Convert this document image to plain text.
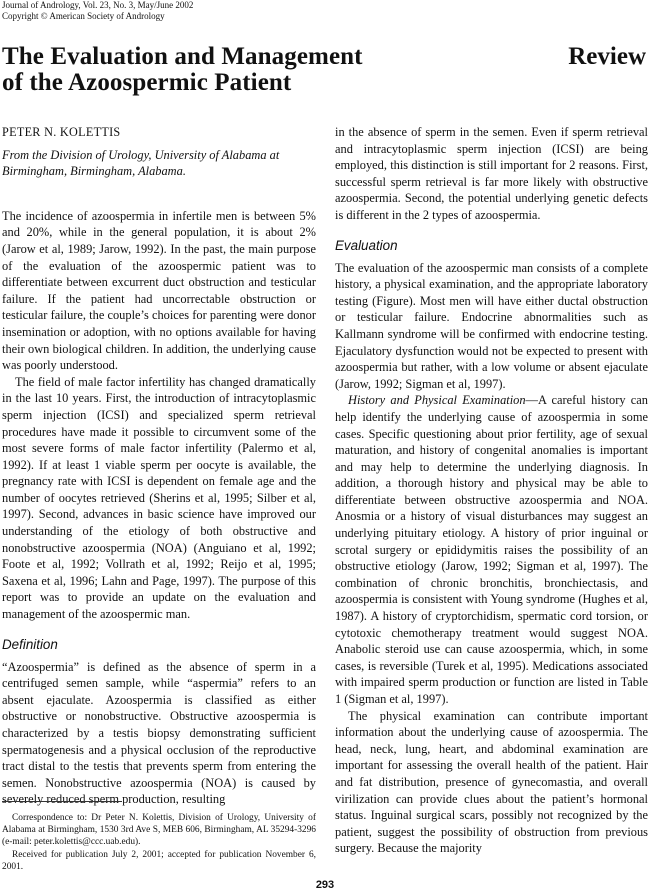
Journal of Andrology, Vol. 23, No. 3, May/June 2002
Copyright © American Society of Andrology
The Evaluation and Management
of the Azoospermic Patient
Review

PETER N. KOLETTIS

From the Division of Urology, University of Alabama at Birmingham, Birmingham, Alabama.

The incidence of azoospermia in infertile men is between 5% and 20%, while in the general population, it is about 2% (Jarow et al, 1989; Jarow, 1992). In the past, the main purpose of the evaluation of the azoospermic patient was to differentiate between excurrent duct obstruction and testicular failure. If the patient had uncorrectable obstruction or testicular failure, the couple’s choices for parenting were donor insemination or adoption, with no options available for having their own biological children. In addition, the underlying cause was poorly understood.

The field of male factor infertility has changed dramatically in the last 10 years. First, the introduction of intracytoplasmic sperm injection (ICSI) and specialized sperm retrieval procedures have made it possible to circumvent some of the most severe forms of male factor infertility (Palermo et al, 1992). If at least 1 viable sperm per oocyte is available, the pregnancy rate with ICSI is dependent on female age and the number of oocytes retrieved (Sherins et al, 1995; Silber et al, 1997). Second, advances in basic science have improved our understanding of the etiology of both obstructive and nonobstructive azoospermia (NOA) (Anguiano et al, 1992; Foote et al, 1992; Vollrath et al, 1992; Reijo et al, 1995; Saxena et al, 1996; Lahn and Page, 1997). The purpose of this report was to provide an update on the evaluation and management of the azoospermic man.

Definition

“Azoospermia” is defined as the absence of sperm in a centrifuged semen sample, while “aspermia” refers to an absent ejaculate. Azoospermia is classified as either obstructive or nonobstructive. Obstructive azoospermia is characterized by a testis biopsy demonstrating sufficient spermatogenesis and a physical occlusion of the reproductive tract distal to the testis that prevents sperm from entering the semen. Nonobstructive azoospermia (NOA) is caused by severely reduced sperm production, resulting

in the absence of sperm in the semen. Even if sperm retrieval and intracytoplasmic sperm injection (ICSI) are being employed, this distinction is still important for 2 reasons. First, successful sperm retrieval is far more likely with obstructive azoospermia. Second, the potential underlying genetic defects is different in the 2 types of azoospermia.

Evaluation

The evaluation of the azoospermic man consists of a complete history, a physical examination, and the appropriate laboratory testing (Figure). Most men will have either ductal obstruction or testicular failure. Endocrine abnormalities such as Kallmann syndrome will be confirmed with endocrine testing. Ejaculatory dysfunction would not be expected to present with azoospermia but rather, with a low volume or absent ejaculate (Jarow, 1992; Sigman et al, 1997).

History and Physical Examination—A careful history can help identify the underlying cause of azoospermia in some cases. Specific questioning about prior fertility, age of sexual maturation, and history of congenital anomalies is important and may help to determine the underlying diagnosis. In addition, a thorough history and physical may be able to differentiate between obstructive azoospermia and NOA. Anosmia or a history of visual disturbances may suggest an underlying pituitary etiology. A history of prior inguinal or scrotal surgery or epididymitis raises the possibility of an obstructive etiology (Jarow, 1992; Sigman et al, 1997). The combination of chronic bronchitis, bronchiectasis, and azoospermia is consistent with Young syndrome (Hughes et al, 1987). A history of cryptorchidism, spermatic cord torsion, or cytotoxic chemotherapy treatment would suggest NOA. Anabolic steroid use can cause azoospermia, which, in some cases, is reversible (Turek et al, 1995). Medications associated with impaired sperm production or function are listed in Table 1 (Sigman et al, 1997).

The physical examination can contribute important information about the underlying cause of azoospermia. The head, neck, lung, heart, and abdominal examination are important for assessing the overall health of the patient. Hair and fat distribution, presence of gynecomastia, and overall virilization can provide clues about the patient’s hormonal status. Inguinal surgical scars, possibly not recognized by the patient, suggest the possibility of obstruction from previous surgery. Because the majority

Correspondence to: Dr Peter N. Kolettis, Division of Urology, University of Alabama at Birmingham, 1530 3rd Ave S, MEB 606, Birmingham, AL 35294-3296 (e-mail: peter.kolettis@ccc.uab.edu).

Received for publication July 2, 2001; accepted for publication November 6, 2001.

293
